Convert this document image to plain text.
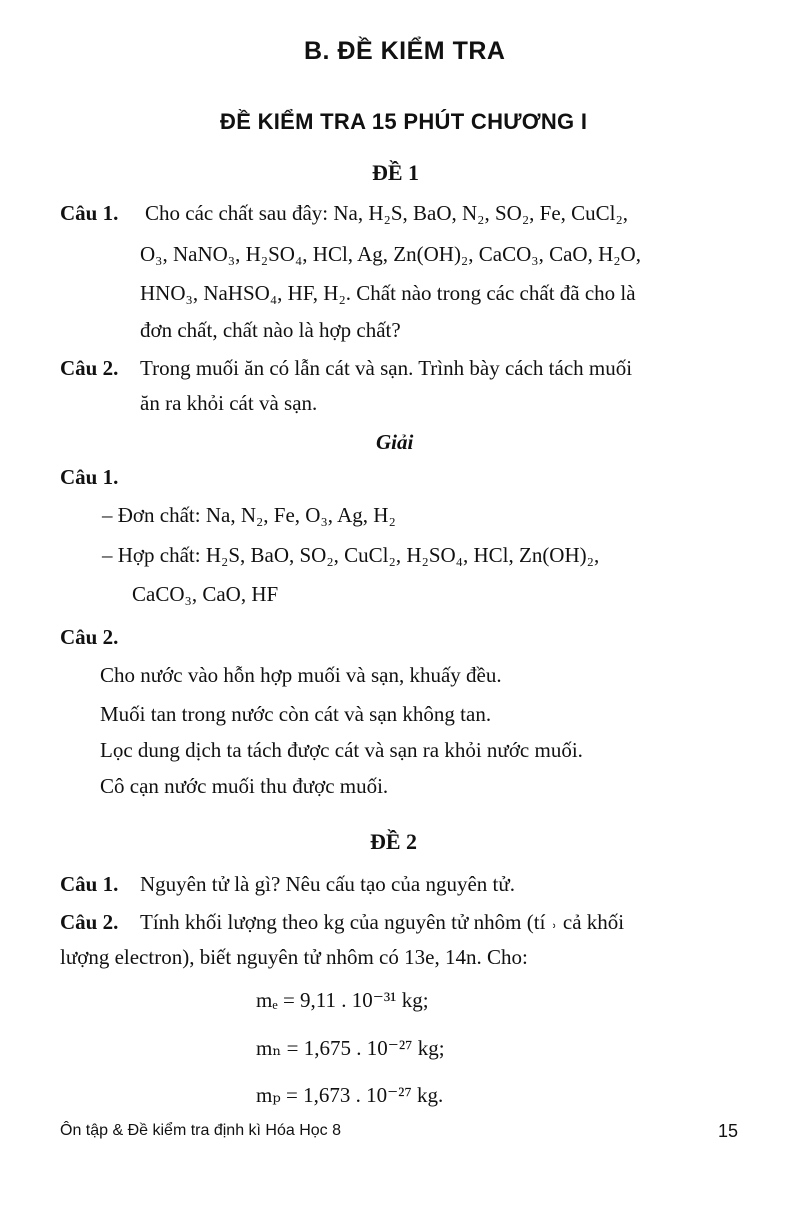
B. ĐỀ KIỂM TRA
ĐỀ KIỂM TRA 15 PHÚT CHƯƠNG I
ĐỀ 1
Câu 1. Cho các chất sau đây: Na, H₂S, BaO, N₂, SO₂, Fe, CuCl₂,
O₃, NaNO₃, H₂SO₄, HCl, Ag, Zn(OH)₂, CaCO₃, CaO, H₂O,
HNO₃, NaHSO₄, HF, H₂. Chất nào trong các chất đã cho là
đơn chất, chất nào là hợp chất?
Câu 2. Trong muối ăn có lẫn cát và sạn. Trình bày cách tách muối
ăn ra khỏi cát và sạn.
Giải
Câu 1.
– Đơn chất: Na, N₂, Fe, O₃, Ag, H₂
– Hợp chất: H₂S, BaO, SO₂, CuCl₂, H₂SO₄, HCl, Zn(OH)₂,
CaCO₃, CaO, HF
Câu 2.
Cho nước vào hỗn hợp muối và sạn, khuấy đều.
Muối tan trong nước còn cát và sạn không tan.
Lọc dung dịch ta tách được cát và sạn ra khỏi nước muối.
Cô cạn nước muối thu được muối.
ĐỀ 2
Câu 1. Nguyên tử là gì? Nêu cấu tạo của nguyên tử.
Câu 2. Tính khối lượng theo kg của nguyên tử nhôm (tí ˒ cả khối
lượng electron), biết nguyên tử nhôm có 13e, 14n. Cho:
mₑ = 9,11 . 10⁻³¹ kg;
mₙ = 1,675 . 10⁻²⁷ kg;
mₚ = 1,673 . 10⁻²⁷ kg.
Ôn tập & Đề kiểm tra định kì Hóa Học 8	15
